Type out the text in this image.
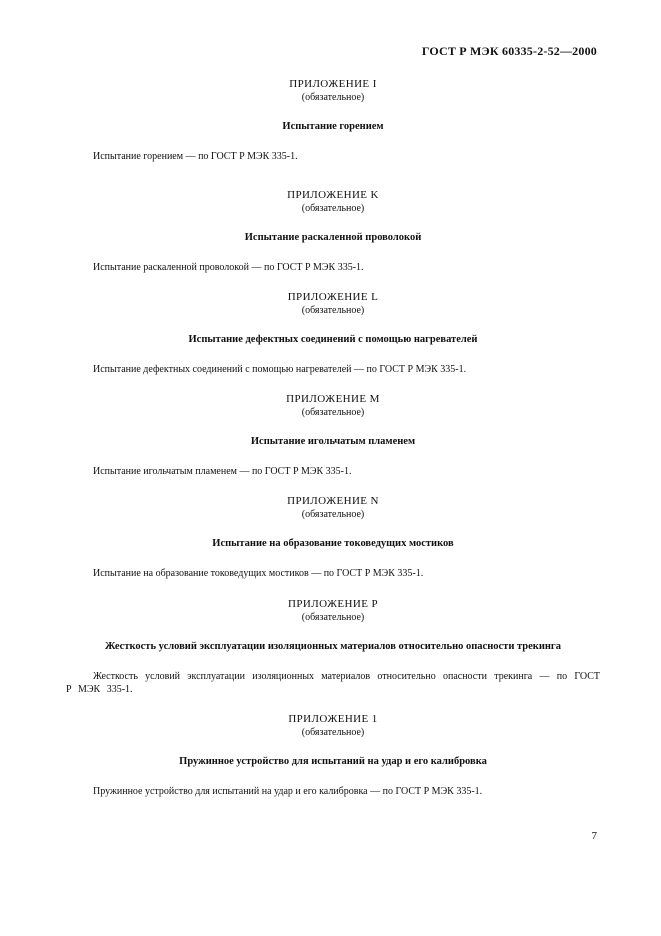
ГОСТ Р МЭК 60335-2-52—2000
ПРИЛОЖЕНИЕ I
(обязательное)
Испытание горением
Испытание горением — по ГОСТ Р МЭК 335-1.
ПРИЛОЖЕНИЕ K
(обязательное)
Испытание раскаленной проволокой
Испытание раскаленной проволокой — по ГОСТ Р МЭК 335-1.
ПРИЛОЖЕНИЕ L
(обязательное)
Испытание дефектных соединений с помощью нагревателей
Испытание дефектных соединений с помощью нагревателей — по ГОСТ Р МЭК 335-1.
ПРИЛОЖЕНИЕ M
(обязательное)
Испытание игольчатым пламенем
Испытание игольчатым пламенем — по ГОСТ Р МЭК 335-1.
ПРИЛОЖЕНИЕ N
(обязательное)
Испытание на образование токоведущих мостиков
Испытание на образование токоведущих мостиков — по ГОСТ Р МЭК 335-1.
ПРИЛОЖЕНИЕ P
(обязательное)
Жесткость условий эксплуатации изоляционных материалов относительно опасности трекинга
Жесткость условий эксплуатации изоляционных материалов относительно опасности трекинга — по ГОСТ Р МЭК 335-1.
ПРИЛОЖЕНИЕ 1
(обязательное)
Пружинное устройство для испытаний на удар и его калибровка
Пружинное устройство для испытаний на удар и его калибровка — по ГОСТ Р МЭК 335-1.
7
